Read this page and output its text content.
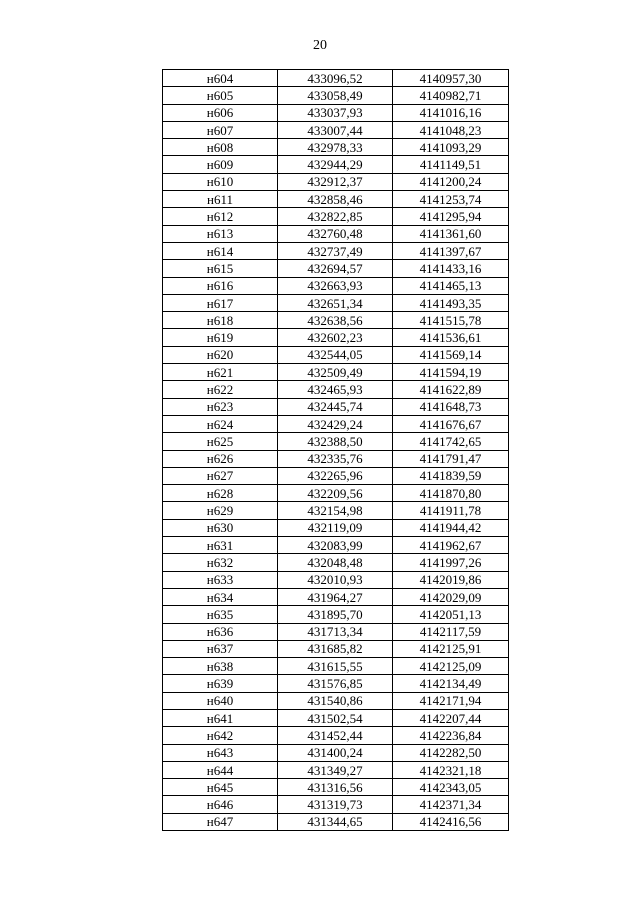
20
н604	433096,52	4140957,30
н605	433058,49	4140982,71
н606	433037,93	4141016,16
н607	433007,44	4141048,23
н608	432978,33	4141093,29
н609	432944,29	4141149,51
н610	432912,37	4141200,24
н611	432858,46	4141253,74
н612	432822,85	4141295,94
н613	432760,48	4141361,60
н614	432737,49	4141397,67
н615	432694,57	4141433,16
н616	432663,93	4141465,13
н617	432651,34	4141493,35
н618	432638,56	4141515,78
н619	432602,23	4141536,61
н620	432544,05	4141569,14
н621	432509,49	4141594,19
н622	432465,93	4141622,89
н623	432445,74	4141648,73
н624	432429,24	4141676,67
н625	432388,50	4141742,65
н626	432335,76	4141791,47
н627	432265,96	4141839,59
н628	432209,56	4141870,80
н629	432154,98	4141911,78
н630	432119,09	4141944,42
н631	432083,99	4141962,67
н632	432048,48	4141997,26
н633	432010,93	4142019,86
н634	431964,27	4142029,09
н635	431895,70	4142051,13
н636	431713,34	4142117,59
н637	431685,82	4142125,91
н638	431615,55	4142125,09
н639	431576,85	4142134,49
н640	431540,86	4142171,94
н641	431502,54	4142207,44
н642	431452,44	4142236,84
н643	431400,24	4142282,50
н644	431349,27	4142321,18
н645	431316,56	4142343,05
н646	431319,73	4142371,34
н647	431344,65	4142416,56
